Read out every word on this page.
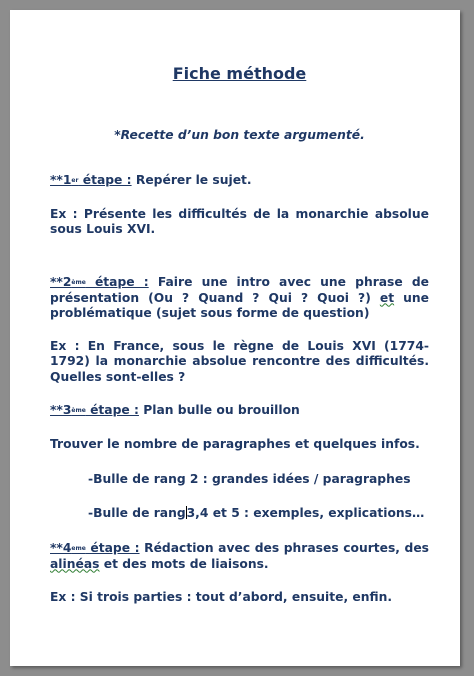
Fiche méthode

*Recette d’un bon texte argumenté.

**1er étape : Repérer le sujet.

Ex : Présente les difficultés de la monarchie absolue sous Louis XVI.

**2ème étape : Faire une intro avec une phrase de présentation (Ou ? Quand ? Qui ? Quoi ?) et une problématique (sujet sous forme de question)

Ex : En France, sous le règne de Louis XVI (1774-1792) la monarchie absolue rencontre des difficultés. Quelles sont-elles ?

**3ème étape : Plan bulle ou brouillon

Trouver le nombre de paragraphes et quelques infos.

-Bulle de rang 2 : grandes idées / paragraphes

-Bulle de rang3,4 et 5 : exemples, explications…

**4eme étape : Rédaction avec des phrases courtes, des alinéas et des mots de liaisons.

Ex : Si trois parties : tout d’abord, ensuite, enfin.
